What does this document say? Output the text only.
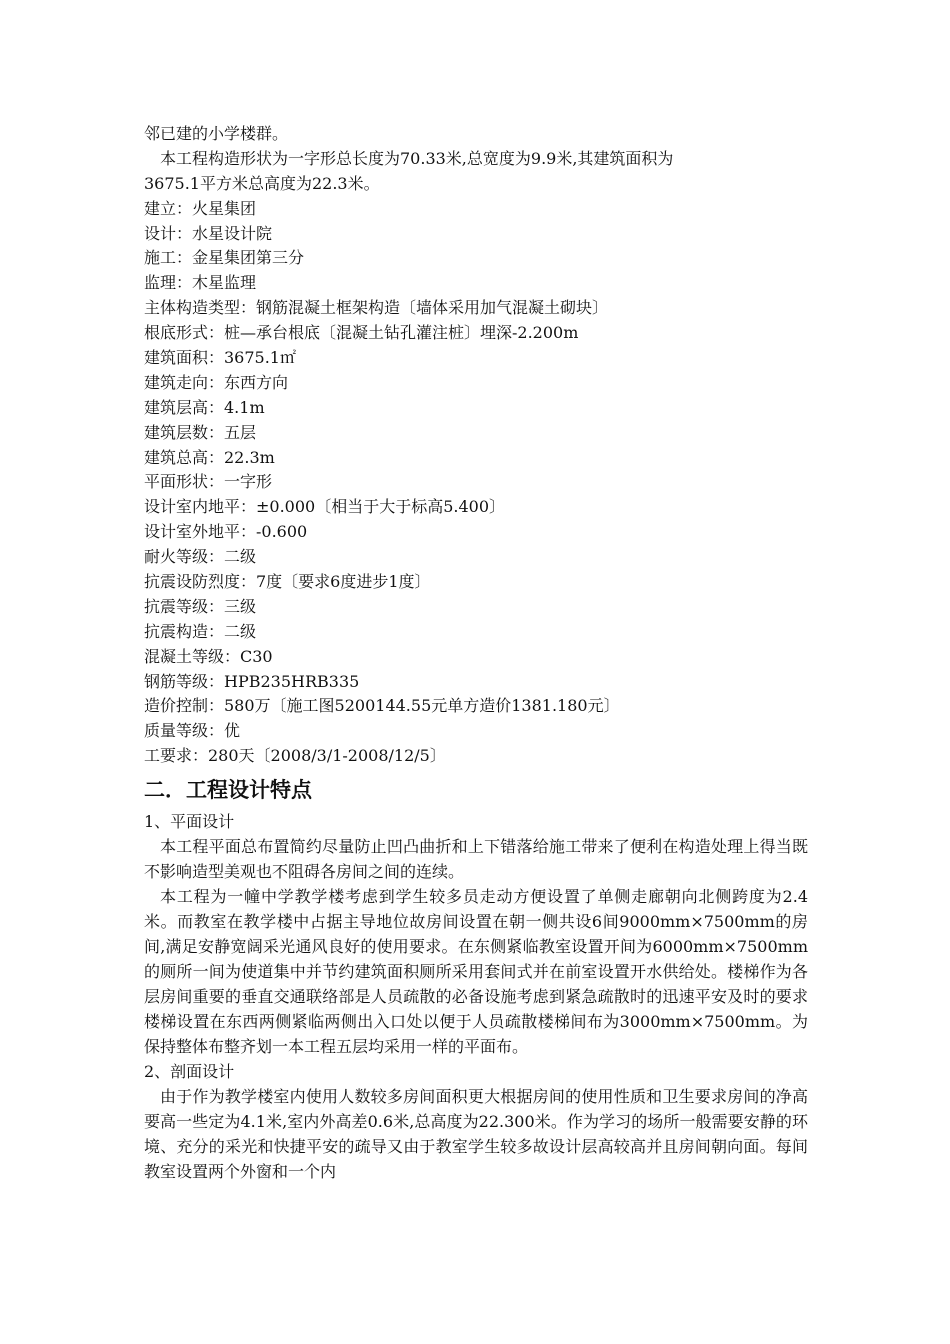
邻已建的小学楼群。
本工程构造形状为一字形总长度为70.33米,总宽度为9.9米,其建筑面积为
3675.1平方米总高度为22.3米。
建立：火星集团
设计：水星设计院
施工：金星集团第三分
监理：木星监理
主体构造类型：钢筋混凝土框架构造〔墙体采用加气混凝土砌块〕
根底形式：桩—承台根底〔混凝土钻孔灌注桩〕埋深-2.200m
建筑面积：3675.1㎡
建筑走向：东西方向
建筑层高：4.1m
建筑层数：五层
建筑总高：22.3m
平面形状：一字形
设计室内地平：±0.000〔相当于大于标高5.400〕
设计室外地平：-0.600
耐火等级：二级
抗震设防烈度：7度〔要求6度进步1度〕
抗震等级：三级
抗震构造：二级
混凝土等级：C30
钢筋等级：HPB235HRB335
造价控制：580万〔施工图5200144.55元单方造价1381.180元〕
质量等级：优
工要求：280天〔2008/3/1-2008/12/5〕
二．工程设计特点
1、平面设计

本工程平面总布置简约尽量防止凹凸曲折和上下错落给施工带来了便利在构造处理上得当既不影响造型美观也不阻碍各房间之间的连续。

本工程为一幢中学教学楼考虑到学生较多员走动方便设置了单侧走廊朝向北侧跨度为2.4米。而教室在教学楼中占据主导地位故房间设置在朝一侧共设6间9000mm×7500mm的房间,满足安静宽阔采光通风良好的使用要求。在东侧紧临教室设置开间为6000mm×7500mm的厕所一间为使道集中并节约建筑面积厕所采用套间式并在前室设置开水供给处。楼梯作为各层房间重要的垂直交通联络部是人员疏散的必备设施考虑到紧急疏散时的迅速平安及时的要求楼梯设置在东西两侧紧临两侧出入口处以便于人员疏散楼梯间布为3000mm×7500mm。为保持整体布整齐划一本工程五层均采用一样的平面布。

2、剖面设计

由于作为教学楼室内使用人数较多房间面积更大根据房间的使用性质和卫生要求房间的净高要高一些定为4.1米,室内外高差0.6米,总高度为22.300米。作为学习的场所一般需要安静的环境、充分的采光和快捷平安的疏导又由于教室学生较多故设计层高较高并且房间朝向面。每间教室设置两个外窗和一个内
